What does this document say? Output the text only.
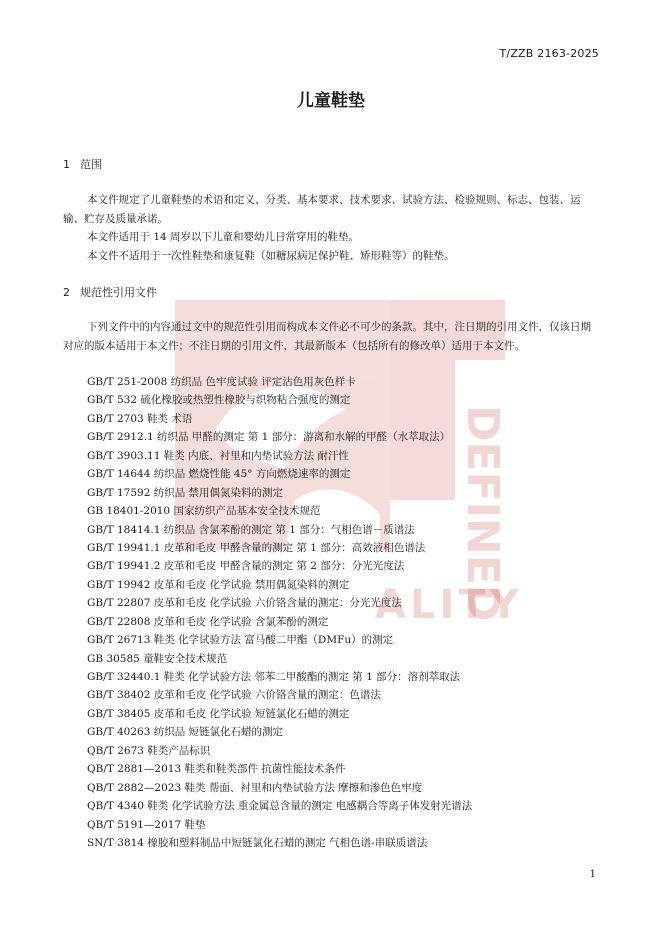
DEFINED
ALITY
T/ZZB 2163-2025
儿童鞋垫
1 范围

本文件规定了儿童鞋垫的术语和定义、分类、基本要求、技术要求、试验方法、检验规则、标志、包装、运输、贮存及质量承诺。

本文件适用于 14 周岁以下儿童和婴幼儿日常穿用的鞋垫。

本文件不适用于一次性鞋垫和康复鞋（如糖尿病足保护鞋、矫形鞋等）的鞋垫。

2 规范性引用文件

下列文件中的内容通过文中的规范性引用而构成本文件必不可少的条款。其中，注日期的引用文件，仅该日期对应的版本适用于本文件；不注日期的引用文件，其最新版本（包括所有的修改单）适用于本文件。

GB/T 251-2008 纺织品 色牢度试验 评定沾色用灰色样卡
GB/T 532 硫化橡胶或热塑性橡胶与织物粘合强度的测定
GB/T 2703 鞋类 术语
GB/T 2912.1 纺织品 甲醛的测定 第 1 部分：游离和水解的甲醛（水萃取法）
GB/T 3903.11 鞋类 内底、衬里和内垫试验方法 耐汗性
GB/T 14644 纺织品 燃烧性能 45° 方向燃烧速率的测定
GB/T 17592 纺织品 禁用偶氮染料的测定
GB 18401-2010 国家纺织产品基本安全技术规范
GB/T 18414.1 纺织品 含氯苯酚的测定 第 1 部分：气相色谱－质谱法
GB/T 19941.1 皮革和毛皮 甲醛含量的测定 第 1 部分：高效液相色谱法
GB/T 19941.2 皮革和毛皮 甲醛含量的测定 第 2 部分：分光光度法
GB/T 19942 皮革和毛皮 化学试验 禁用偶氮染料的测定
GB/T 22807 皮革和毛皮 化学试验 六价铬含量的测定：分光光度法
GB/T 22808 皮革和毛皮 化学试验 含氯苯酚的测定
GB/T 26713 鞋类 化学试验方法 富马酸二甲酯（DMFu）的测定
GB 30585 童鞋安全技术规范
GB/T 32440.1 鞋类 化学试验方法 邻苯二甲酸酯的测定 第 1 部分：溶剂萃取法
GB/T 38402 皮革和毛皮 化学试验 六价铬含量的测定：色谱法
GB/T 38405 皮革和毛皮 化学试验 短链氯化石蜡的测定
GB/T 40263 纺织品 短链氯化石蜡的测定
QB/T 2673 鞋类产品标识
QB/T 2881—2013 鞋类和鞋类部件 抗菌性能技术条件
QB/T 2882—2023 鞋类 帮面、衬里和内垫试验方法 摩擦和渗色色牢度
QB/T 4340 鞋类 化学试验方法 重金属总含量的测定 电感耦合等离子体发射光谱法
QB/T 5191—2017 鞋垫
SN/T 3814 橡胶和塑料制品中短链氯化石蜡的测定 气相色谱-串联质谱法
1
